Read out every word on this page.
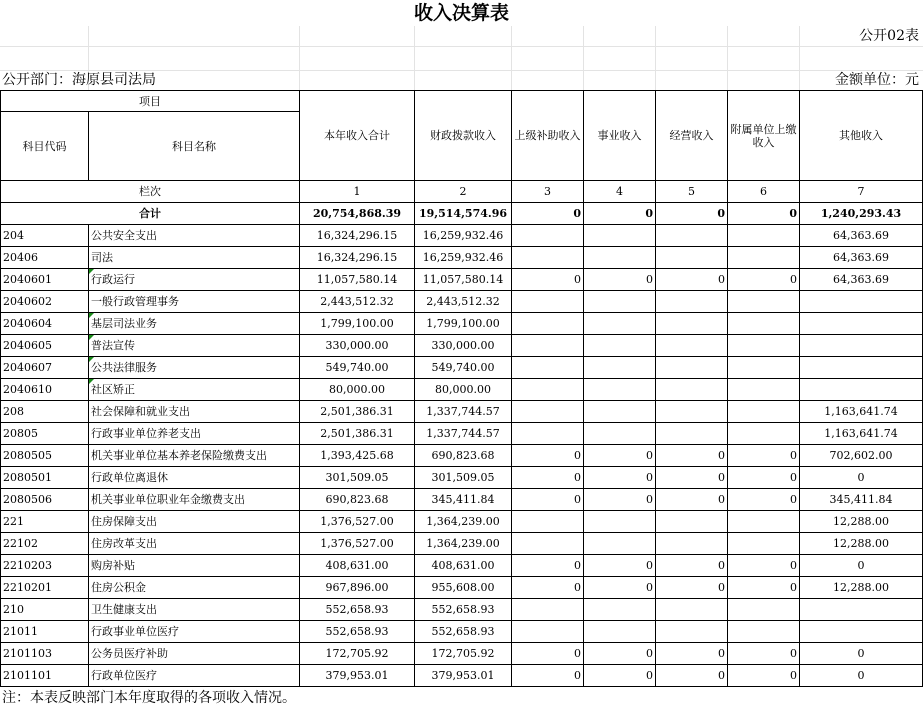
收入决算表
公开02表
公开部门：海原县司法局	金额单位：元
项目		本年收入合计	财政拨款收入	上级补助收入	事业收入	经营收入	附属单位上缴收入	其他收入
科目代码	科目名称							
栏次		1	2	3	4	5	6	7
合计		20,754,868.39	19,514,574.96	0	0	0	0	1,240,293.43
204	公共安全支出	16,324,296.15	16,259,932.46					64,363.69
20406	司法	16,324,296.15	16,259,932.46					64,363.69
2040601	行政运行	11,057,580.14	11,057,580.14	0	0	0	0	64,363.69
2040602	一般行政管理事务	2,443,512.32	2,443,512.32					
2040604	基层司法业务	1,799,100.00	1,799,100.00					
2040605	普法宣传	330,000.00	330,000.00					
2040607	公共法律服务	549,740.00	549,740.00					
2040610	社区矫正	80,000.00	80,000.00					
208	社会保障和就业支出	2,501,386.31	1,337,744.57					1,163,641.74
20805	行政事业单位养老支出	2,501,386.31	1,337,744.57					1,163,641.74
2080505	机关事业单位基本养老保险缴费支出	1,393,425.68	690,823.68	0	0	0	0	702,602.00
2080501	行政单位离退休	301,509.05	301,509.05	0	0	0	0	0
2080506	机关事业单位职业年金缴费支出	690,823.68	345,411.84	0	0	0	0	345,411.84
221	住房保障支出	1,376,527.00	1,364,239.00					12,288.00
22102	住房改革支出	1,376,527.00	1,364,239.00					12,288.00
2210203	购房补贴	408,631.00	408,631.00	0	0	0	0	0
2210201	住房公积金	967,896.00	955,608.00	0	0	0	0	12,288.00
210	卫生健康支出	552,658.93	552,658.93					
21011	行政事业单位医疗	552,658.93	552,658.93					
2101103	公务员医疗补助	172,705.92	172,705.92	0	0	0	0	0
2101101	行政单位医疗	379,953.01	379,953.01	0	0	0	0	0
注：本表反映部门本年度取得的各项收入情况。
